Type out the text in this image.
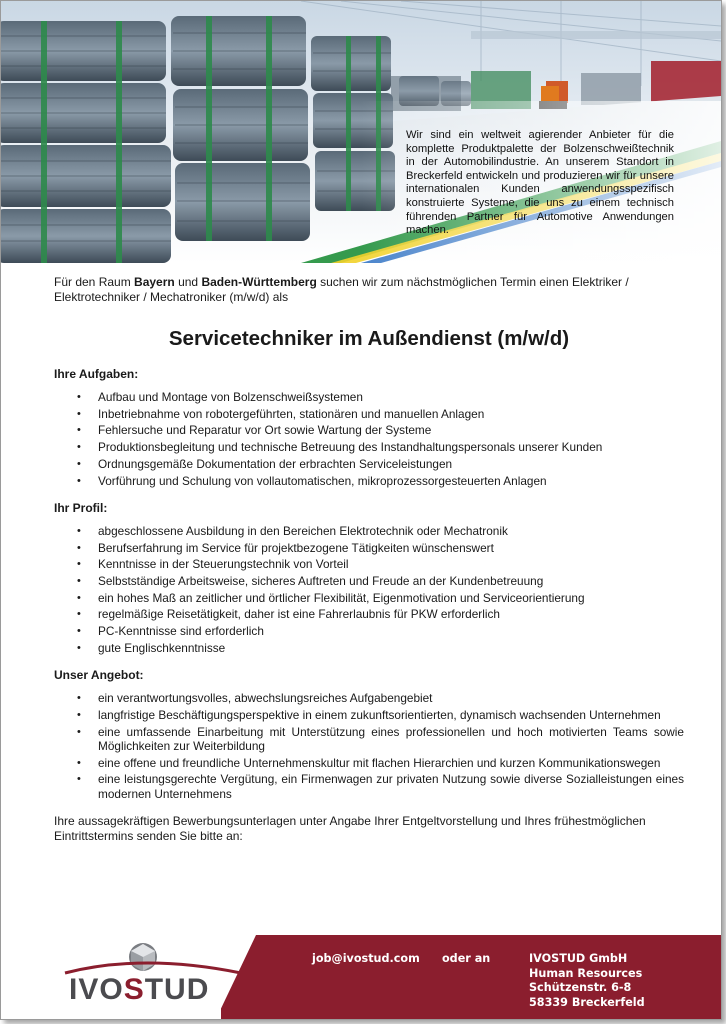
Wir sind ein weltweit agierender Anbieter für die komplette Produktpalette der Bolzenschweißtechnik in der Automobilindustrie. An unserem Standort in Breckerfeld entwickeln und produzieren wir für unsere internationalen Kunden anwendungsspezifisch konstruierte Systeme, die uns zu einem technisch führenden Partner für Automotive Anwendungen machen.

Für den Raum Bayern und Baden-Württemberg suchen wir zum nächstmöglichen Termin einen Elektriker / Elektrotechniker / Mechatroniker (m/w/d) als

Servicetechniker im Außendienst (m/w/d)
Ihre Aufgaben:
• Aufbau und Montage von Bolzenschweißsystemen
• Inbetriebnahme von robotergeführten, stationären und manuellen Anlagen
• Fehlersuche und Reparatur vor Ort sowie Wartung der Systeme
• Produktionsbegleitung und technische Betreuung des Instandhaltungspersonals unserer Kunden
• Ordnungsgemäße Dokumentation der erbrachten Serviceleistungen
• Vorführung und Schulung von vollautomatischen, mikroprozessorgesteuerten Anlagen
Ihr Profil:
• abgeschlossene Ausbildung in den Bereichen Elektrotechnik oder Mechatronik
• Berufserfahrung im Service für projektbezogene Tätigkeiten wünschenswert
• Kenntnisse in der Steuerungstechnik von Vorteil
• Selbstständige Arbeitsweise, sicheres Auftreten und Freude an der Kundenbetreuung
• ein hohes Maß an zeitlicher und örtlicher Flexibilität, Eigenmotivation und Serviceorientierung
• regelmäßige Reisetätigkeit, daher ist eine Fahrerlaubnis für PKW erforderlich
• PC-Kenntnisse sind erforderlich
• gute Englischkenntnisse
Unser Angebot:
• ein verantwortungsvolles, abwechslungsreiches Aufgabengebiet
• langfristige Beschäftigungsperspektive in einem zukunftsorientierten, dynamisch wachsenden Unternehmen
• eine umfassende Einarbeitung mit Unterstützung eines professionellen und hoch motivierten Teams sowie Möglichkeiten zur Weiterbildung
• eine offene und freundliche Unternehmenskultur mit flachen Hierarchien und kurzen Kommunikationswegen
• eine leistungsgerechte Vergütung, ein Firmenwagen zur privaten Nutzung sowie diverse Sozialleistungen eines modernen Unternehmens

Ihre aussagekräftigen Bewerbungsunterlagen unter Angabe Ihrer Entgeltvorstellung und Ihres frühestmöglichen Eintrittstermins senden Sie bitte an:

IVOSTUD
job@ivostud.com oder an	IVOSTUD GmbH
Human Resources
Schützenstr. 6-8
58339 Breckerfeld
